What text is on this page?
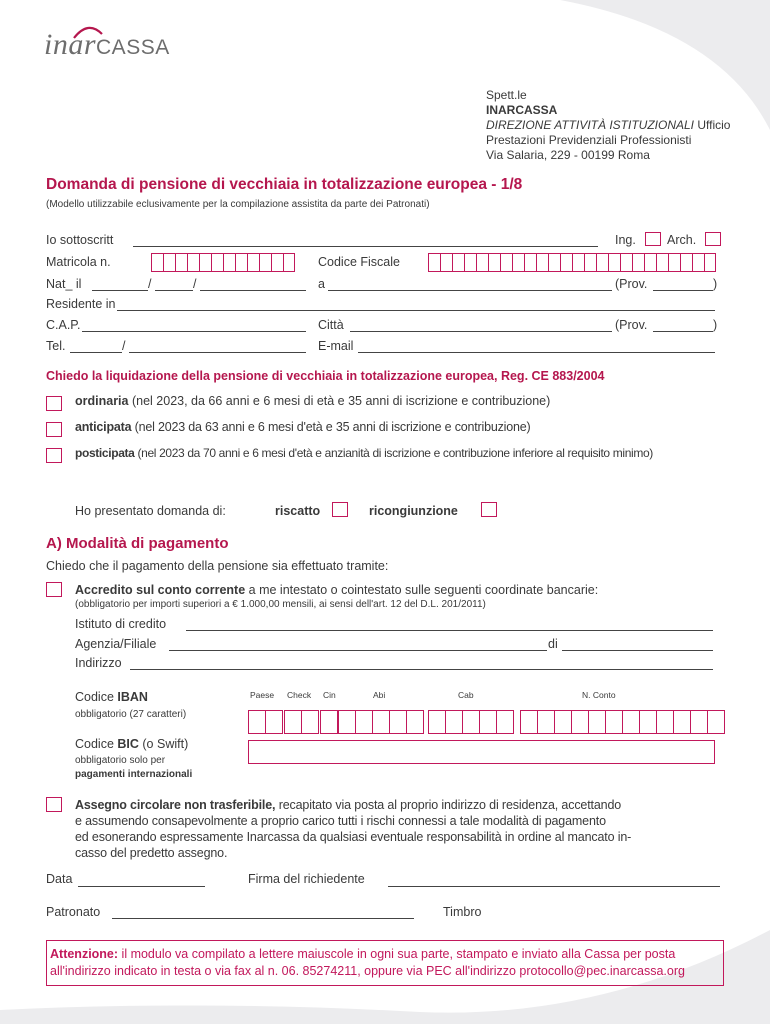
inarCASSA
Spett.le
INARCASSA
DIREZIONE ATTIVITÀ ISTITUZIONALI Ufficio
Prestazioni Previdenziali Professionisti
Via Salaria, 229 - 00199 Roma
Domanda di pensione di vecchiaia in totalizzazione europea - 1/8
(Modello utilizzabile eclusivamente per la compilazione assistita da parte dei Patronati)
Io sottoscritt	Ing. Arch.
Matricola n.	Codice Fiscale
Nat_ il	/	/	a	(Prov.	)
Residente in
C.A.P.	Città	(Prov.	)
Tel.	/	E-mail
Chiedo la liquidazione della pensione di vecchiaia in totalizzazione europea, Reg. CE 883/2004
ordinaria (nel 2023, da 66 anni e 6 mesi di età e 35 anni di iscrizione e contribuzione)
anticipata (nel 2023 da 63 anni e 6 mesi d'età e 35 anni di iscrizione e contribuzione)
posticipata (nel 2023 da 70 anni e 6 mesi d'età e anzianità di iscrizione e contribuzione inferiore al requisito minimo)
Ho presentato domanda di:	riscatto	ricongiunzione
A) Modalità di pagamento
Chiedo che il pagamento della pensione sia effettuato tramite:
Accredito sul conto corrente a me intestato o cointestato sulle seguenti coordinate bancarie:
(obbligatorio per importi superiori a € 1.000,00 mensili, ai sensi dell'art. 12 del D.L. 201/2011)
Istituto di credito
Agenzia/Filiale	di
Indirizzo
Codice IBAN
obbligatorio (27 caratteri)
Paese Check Cin	Abi	Cab	N. Conto
Codice BIC (o Swift)
obbligatorio solo per
pagamenti internazionali
Assegno circolare non trasferibile, recapitato via posta al proprio indirizzo di residenza, accettando
e assumendo consapevolmente a proprio carico tutti i rischi connessi a tale modalità di pagamento
ed esonerando espressamente Inarcassa da qualsiasi eventuale responsabilità in ordine al mancato in-
casso del predetto assegno.
Data	Firma del richiedente
Patronato	Timbro
Attenzione: il modulo va compilato a lettere maiuscole in ogni sua parte, stampato e inviato alla Cassa per posta
all'indirizzo indicato in testa o via fax al n. 06. 85274211, oppure via PEC all'indirizzo protocollo@pec.inarcassa.org
